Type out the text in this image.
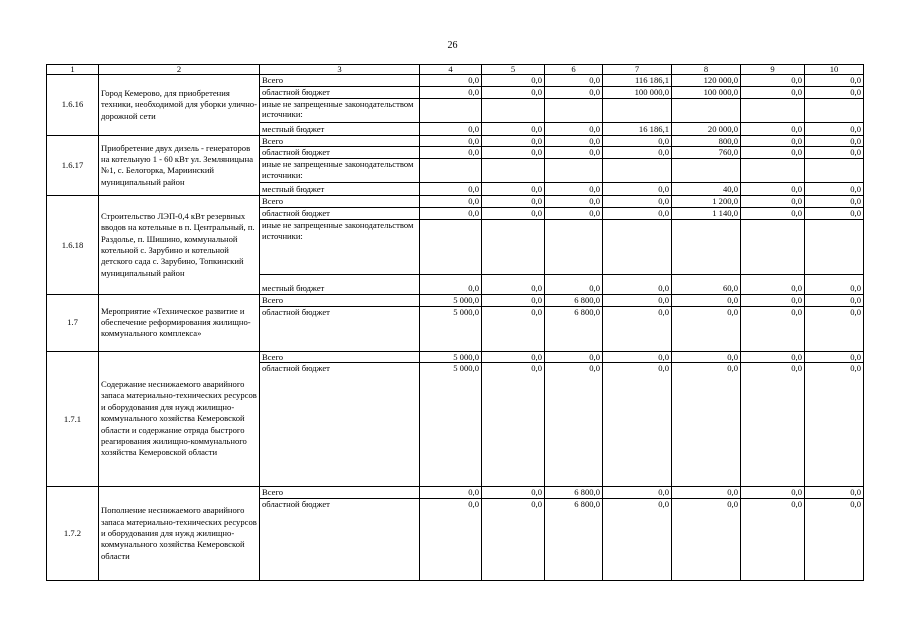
26
1	2	3	4	5	6	7	8	9	10
1.6.16	Город Кемерово, для приобретения техники, необходимой для уборки улично-дорожной сети	Всего	0,0	0,0	0,0	116 186,1	120 000,0	0,0	0,0
		областной бюджет	0,0	0,0	0,0	100 000,0	100 000,0	0,0	0,0
		иные не запрещенные законодательством источники:							
		местный бюджет	0,0	0,0	0,0	16 186,1	20 000,0	0,0	0,0
1.6.17	Приобретение двух дизель - генераторов на котельную 1 - 60 кВт ул. Земляницына №1, с. Белогорка, Мариинский муниципальный район	Всего	0,0	0,0	0,0	0,0	800,0	0,0	0,0
		областной бюджет	0,0	0,0	0,0	0,0	760,0	0,0	0,0
		иные не запрещенные законодательством источники:							
		местный бюджет	0,0	0,0	0,0	0,0	40,0	0,0	0,0
1.6.18	Строительство ЛЭП-0,4 кВт резервных вводов на котельные в п. Центральный, п. Раздолье, п. Шишино, коммунальной котельной с. Зарубино и котельной детского сада с. Зарубино, Топкинский муниципальный район	Всего	0,0	0,0	0,0	0,0	1 200,0	0,0	0,0
		областной бюджет	0,0	0,0	0,0	0,0	1 140,0	0,0	0,0
		иные не запрещенные законодательством источники:							
		местный бюджет	0,0	0,0	0,0	0,0	60,0	0,0	0,0
1.7	Мероприятие «Техническое развитие и обеспечение реформирования жилищно-коммунального комплекса»	Всего	5 000,0	0,0	6 800,0	0,0	0,0	0,0	0,0
		областной бюджет	5 000,0	0,0	6 800,0	0,0	0,0	0,0	0,0
1.7.1	Содержание неснижаемого аварийного запаса материально-технических ресурсов и оборудования для нужд жилищно-коммунального хозяйства Кемеровской области и содержание отряда быстрого реагирования жилищно-коммунального хозяйства Кемеровской области	Всего	5 000,0	0,0	0,0	0,0	0,0	0,0	0,0
		областной бюджет	5 000,0	0,0	0,0	0,0	0,0	0,0	0,0
1.7.2	Пополнение неснижаемого аварийного запаса материально-технических ресурсов и оборудования для нужд жилищно-коммунального хозяйства Кемеровской области	Всего	0,0	0,0	6 800,0	0,0	0,0	0,0	0,0
		областной бюджет	0,0	0,0	6 800,0	0,0	0,0	0,0	0,0
